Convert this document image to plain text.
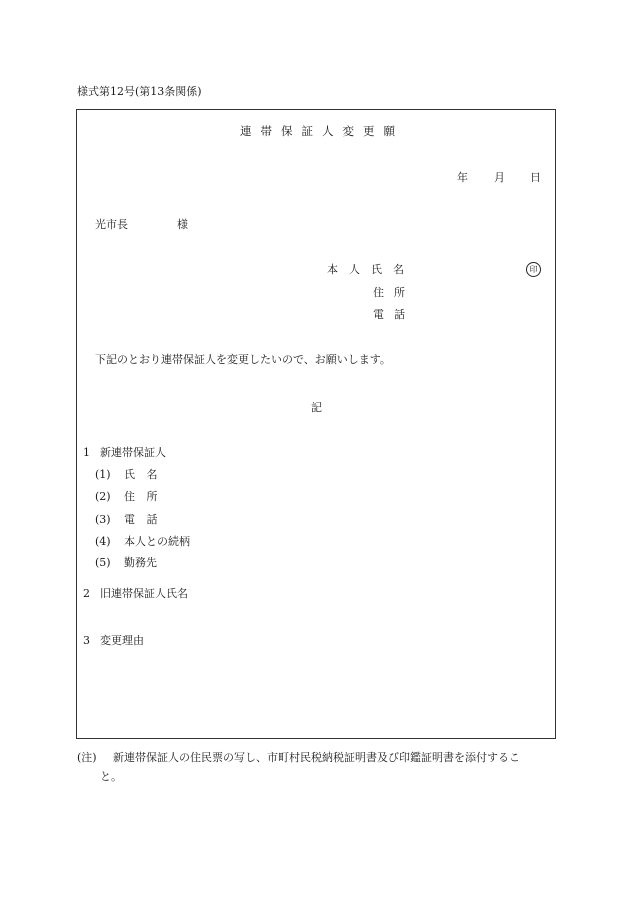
様式第12号(第13条関係)
連帯保証人変更願
年 月 日
光市長	様
本人氏名	印
住所
電話
下記のとおり連帯保証人を変更したいので、お願いします。
記
1 新連帯保証人
(1) 氏 名
(2) 住 所
(3) 電 話
(4) 本人との続柄
(5) 勤務先
2 旧連帯保証人氏名
3 変更理由
(注) 新連帯保証人の住民票の写し、市町村民税納税証明書及び印鑑証明書を添付するこ
と。
